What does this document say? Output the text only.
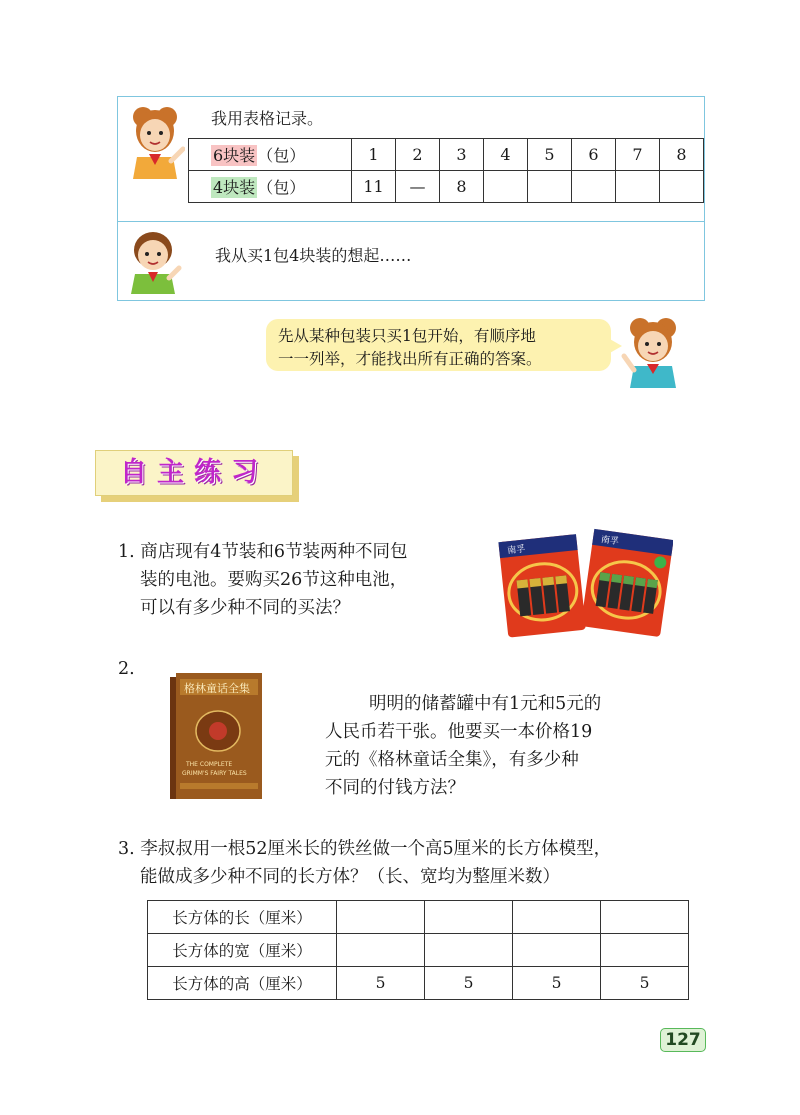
我用表格记录。
6块装 （包）	1	2	3	4	5	6	7	8
4块装 （包）	11	—	8					
我从买1包4块装的想起……
先从某种包装只买1包开始，有顺序地
一一列举，才能找出所有正确的答案。
自主练习
1. 商店现有4节装和6节装两种不同包
装的电池。要购买26节这种电池，
可以有多少种不同的买法？
南孚
南孚
2.
格林童话全集
THE COMPLETE
GRIMM'S FAIRY TALES
明明的储蓄罐中有1元和5元的
人民币若干张。他要买一本价格19
元的《格林童话全集》，有多少种
不同的付钱方法？
3. 李叔叔用一根52厘米长的铁丝做一个高5厘米的长方体模型，
能做成多少种不同的长方体？（长、宽均为整厘米数）
长方体的长（厘米）				
长方体的宽（厘米）				
长方体的高（厘米）	5	5	5	5
127
